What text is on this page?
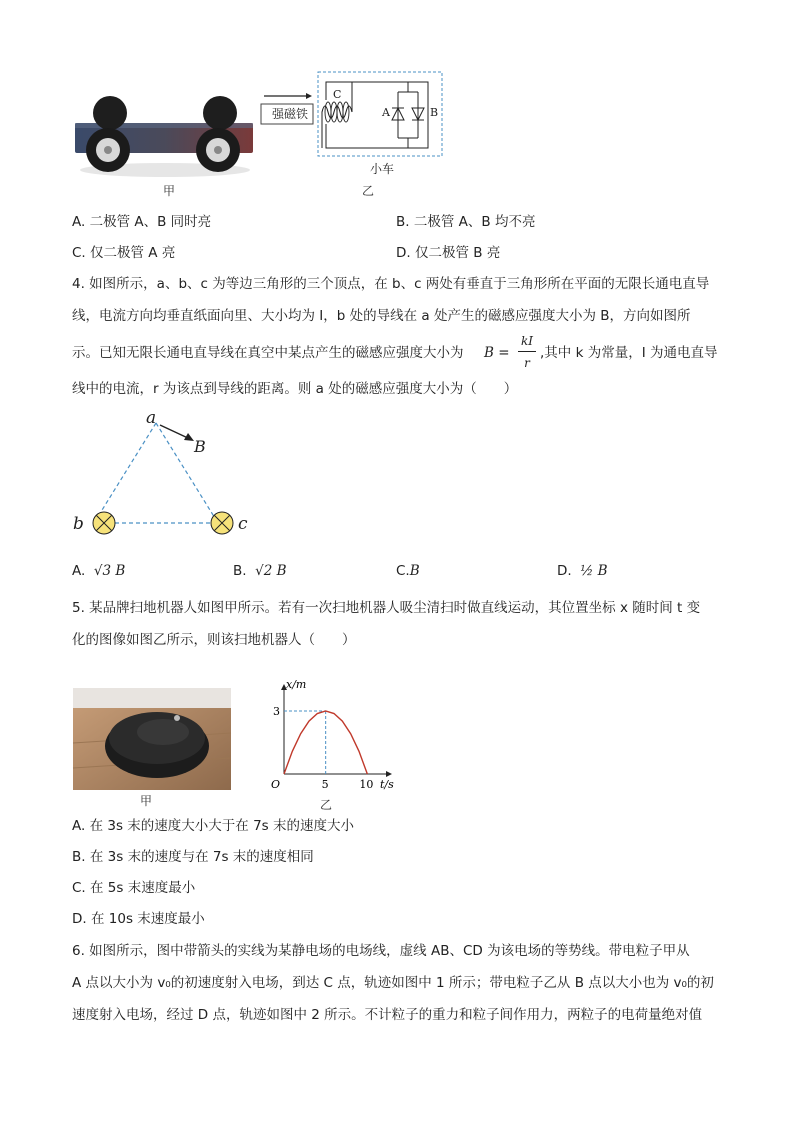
甲
强磁铁
C
A	B
小车
乙
A. 二极管 A、B 同时亮	B. 二极管 A、B 均不亮
C. 仅二极管 A 亮	D. 仅二极管 B 亮
4. 如图所示，a、b、c 为等边三角形的三个顶点，在 b、c 两处有垂直于三角形所在平面的无限长通电直导
线，电流方向均垂直纸面向里、大小均为 I，b 处的导线在 a 处产生的磁感应强度大小为 B，方向如图所
示。已知无限长通电直导线在真空中某点产生的磁感应强度大小为 B =
kI
r
,其中 k 为常量，I 为通电直导
线中的电流，r 为该点到导线的距离。则 a 处的磁感应强度大小为（　　）
a
B
b	c
A. √3 B	B. √2 B	C.B	D. ½ B
5. 某品牌扫地机器人如图甲所示。若有一次扫地机器人吸尘清扫时做直线运动，其位置坐标 x 随时间 t 变
化的图像如图乙所示，则该扫地机器人（　　）
甲
x/m
t/s
O
3
5	10
乙
A. 在 3s 末的速度大小大于在 7s 末的速度大小
B. 在 3s 末的速度与在 7s 末的速度相同
C. 在 5s 末速度最小
D. 在 10s 末速度最小
6. 如图所示，图中带箭头的实线为某静电场的电场线，虚线 AB、CD 为该电场的等势线。带电粒子甲从
A 点以大小为 v₀的初速度射入电场，到达 C 点，轨迹如图中 1 所示；带电粒子乙从 B 点以大小也为 v₀的初
速度射入电场，经过 D 点，轨迹如图中 2 所示。不计粒子的重力和粒子间作用力，两粒子的电荷量绝对值
